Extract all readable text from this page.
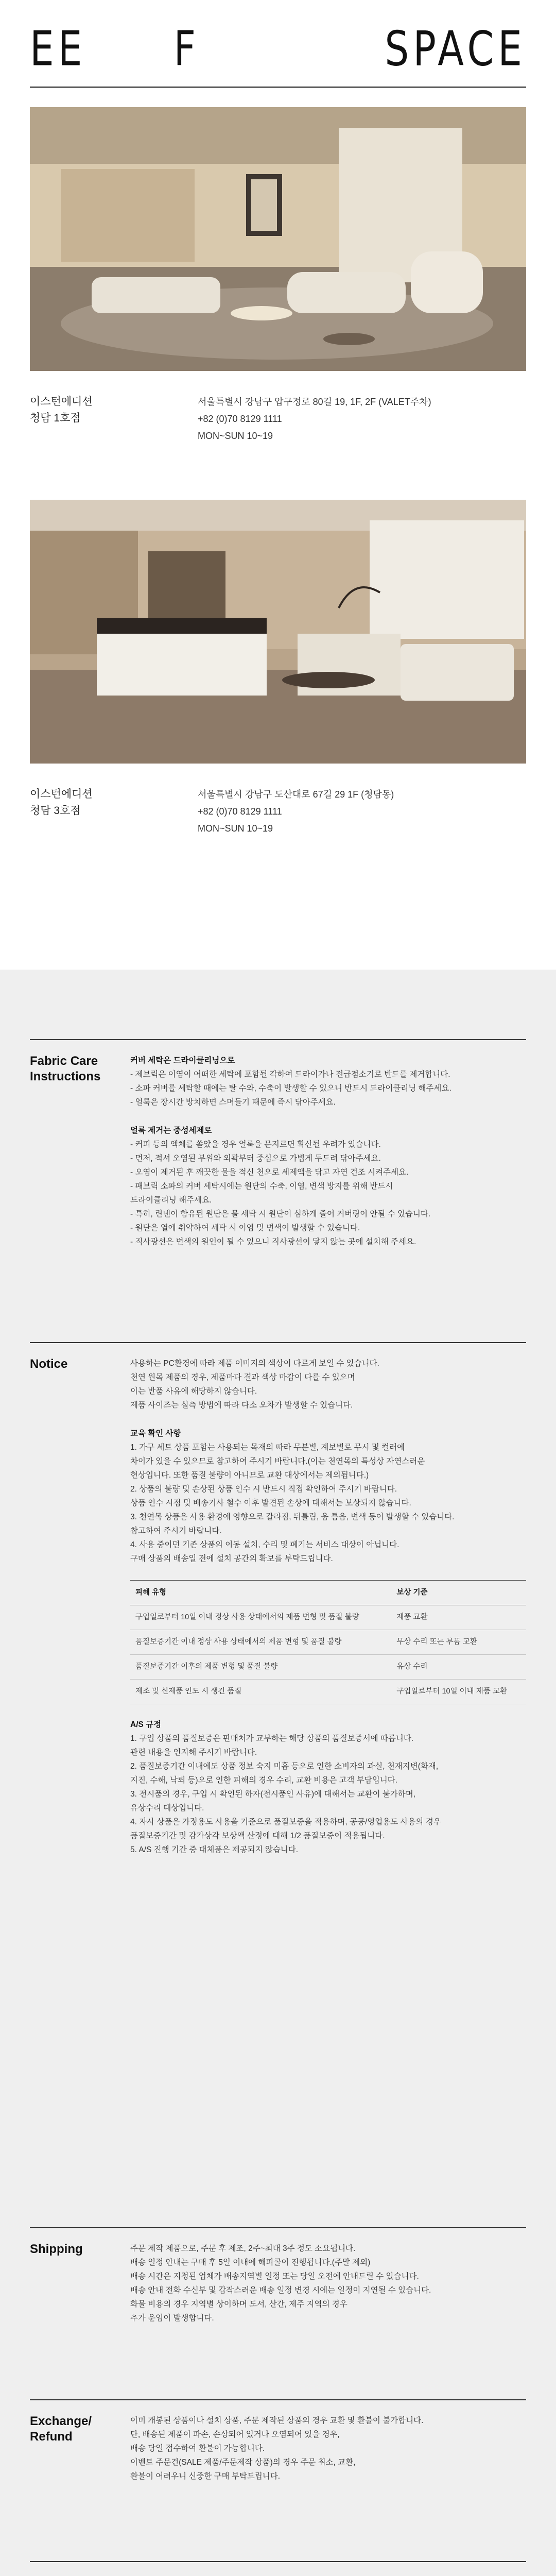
EE F	SPACE
이스턴에디션
청담 1호점
서울특별시 강남구 압구정로 80길 19, 1F, 2F (VALET주차)
+82 (0)70 8129 1111
MON~SUN 10~19
이스턴에디션
청담 3호점
서울특별시 강남구 도산대로 67길 29 1F (청담동)
+82 (0)70 8129 1111
MON~SUN 10~19
Fabric Care
Instructions

커버 세탁은 드라이클리닝으로

- 제브릭은 이염이 어떠한 세탁에 포함될 각하여 드라이가나 전급점소기로 반드를 제거합니다.

- 소파 커버를 세탁할 때에는 탈 수와, 수축이 발생할 수 있으니 반드시 드라이클리닝 해주세요.

- 얼룩은 장시간 방치하면 스며들기 때문에 즉시 닦아주세요.

얼룩 제거는 중성세제로

- 커피 등의 액체를 쏟았을 경우 얼룩을 문지르면 확산될 우려가 있습니다.

- 먼저, 적셔 오염된 부위와 외곽부터 중심으로 가볍게 두드려 닦아주세요.

- 오염이 제거된 후 깨끗한 물을 적신 천으로 세제액을 닦고 자연 건조 시켜주세요.

- 패브릭 소파의 커버 세탁시에는 원단의 수축, 이염, 변색 방지를 위해 반드시

드라이클리닝 해주세요.

- 특히, 린넨이 함유된 원단은 물 세탁 시 원단이 심하게 줄어 커버링이 안될 수 있습니다.

- 원단은 열에 취약하여 세탁 시 이염 및 변색이 발생할 수 있습니다.

- 직사광선은 변색의 원인이 될 수 있으니 직사광선이 닿지 않는 곳에 설치해 주세요.

Notice	사용하는 PC환경에 따라 제품 이미지의 색상이 다르게 보일 수 있습니다.

천연 원목 제품의 경우, 제품마다 결과 색상 마감이 다를 수 있으며

이는 반품 사유에 해당하지 않습니다.

제품 사이즈는 실측 방법에 따라 다소 오차가 발생할 수 있습니다.

교육 확인 사항

1. 가구 세트 상품 포함는 사용되는 목재의 따라 무분별, 계보별로 무시 및 컬러에

차이가 있을 수 있으므로 참고하여 주시기 바랍니다.(이는 천연목의 특성상 자연스러운

현상입니다. 또한 품질 불량이 아니므로 교환 대상에서는 제외됩니다.)

2. 상품의 불량 및 손상된 상품 인수 시 반드시 직접 확인하여 주시기 바랍니다.

상품 인수 시점 및 배송기사 철수 이후 발견된 손상에 대해서는 보상되지 않습니다.

3. 천연목 상품은 사용 환경에 영향으로 갈라짐, 뒤틀림, 움 틈음, 변색 등이 발생할 수 있습니다.

참고하여 주시기 바랍니다.

4. 사용 중이던 기존 상품의 이동 설치, 수리 및 폐기는 서비스 대상이 아닙니다.

구매 상품의 배송일 전에 설치 공간의 확보를 부탁드립니다.

피해 유형	보상 기준
구입일로부터 10일 이내 정상 사용 상태에서의 제품 변형 및 품질 불량	제품 교환
품질보증기간 이내 정상 사용 상태에서의 제품 변형 및 품질 불량	무상 수리 또는 부품 교환
품질보증기간 이후의 제품 변형 및 품질 불량	유상 수리
제조 및 신제품 인도 시 생긴 품질	구입일로부터 10일 이내 제품 교환

A/S 규정

1. 구입 상품의 품질보증은 판매처가 교부하는 해당 상품의 품질보증서에 따릅니다.

관련 내용을 인지해 주시기 바랍니다.

2. 품질보증기간 이내에도 상품 정보 숙지 미흡 등으로 인한 소비자의 과실, 천재지변(화재,

지진, 수해, 낙뢰 등)으로 인한 피해의 경우 수리, 교환 비용은 고객 부담입니다.

3. 전시품의 경우, 구입 시 확인된 하자(전시품인 사유)에 대해서는 교환이 불가하며,

유상수리 대상입니다.

4. 자사 상품은 가정용도 사용을 기준으로 품질보증을 적용하며, 공공/영업용도 사용의 경우

품질보증기간 및 감가상각 보상액 산정에 대해 1/2 품질보증이 적용됩니다.

5. A/S 진행 기간 중 대체품은 제공되지 않습니다.

Shipping	주문 제작 제품으로, 주문 후 제조, 2주~최대 3주 정도 소요됩니다.

배송 일정 안내는 구매 후 5일 이내에 해피콜이 진행됩니다.(주말 제외)

배송 시간은 지정된 업체가 배송지역별 일정 또는 당일 오전에 안내드릴 수 있습니다.

배송 안내 전화 수신부 및 갑작스러운 배송 일정 변경 시에는 일정이 지연될 수 있습니다.

화물 비용의 경우 지역별 상이하며 도서, 산간, 제주 지역의 경우

추가 운임이 발생합니다.

Exchange/
Refund

이미 개봉된 상품이나 설치 상품, 주문 제작된 상품의 경우 교환 및 환불이 불가합니다.

단, 배송된 제품이 파손, 손상되어 있거나 오염되어 있을 경우,

배송 당일 접수하여 환불이 가능합니다.

이벤트 주문건(SALE 제품/주문제작 상품)의 경우 주문 취소, 교환,

환불이 어려우니 신중한 구매 부탁드립니다.
